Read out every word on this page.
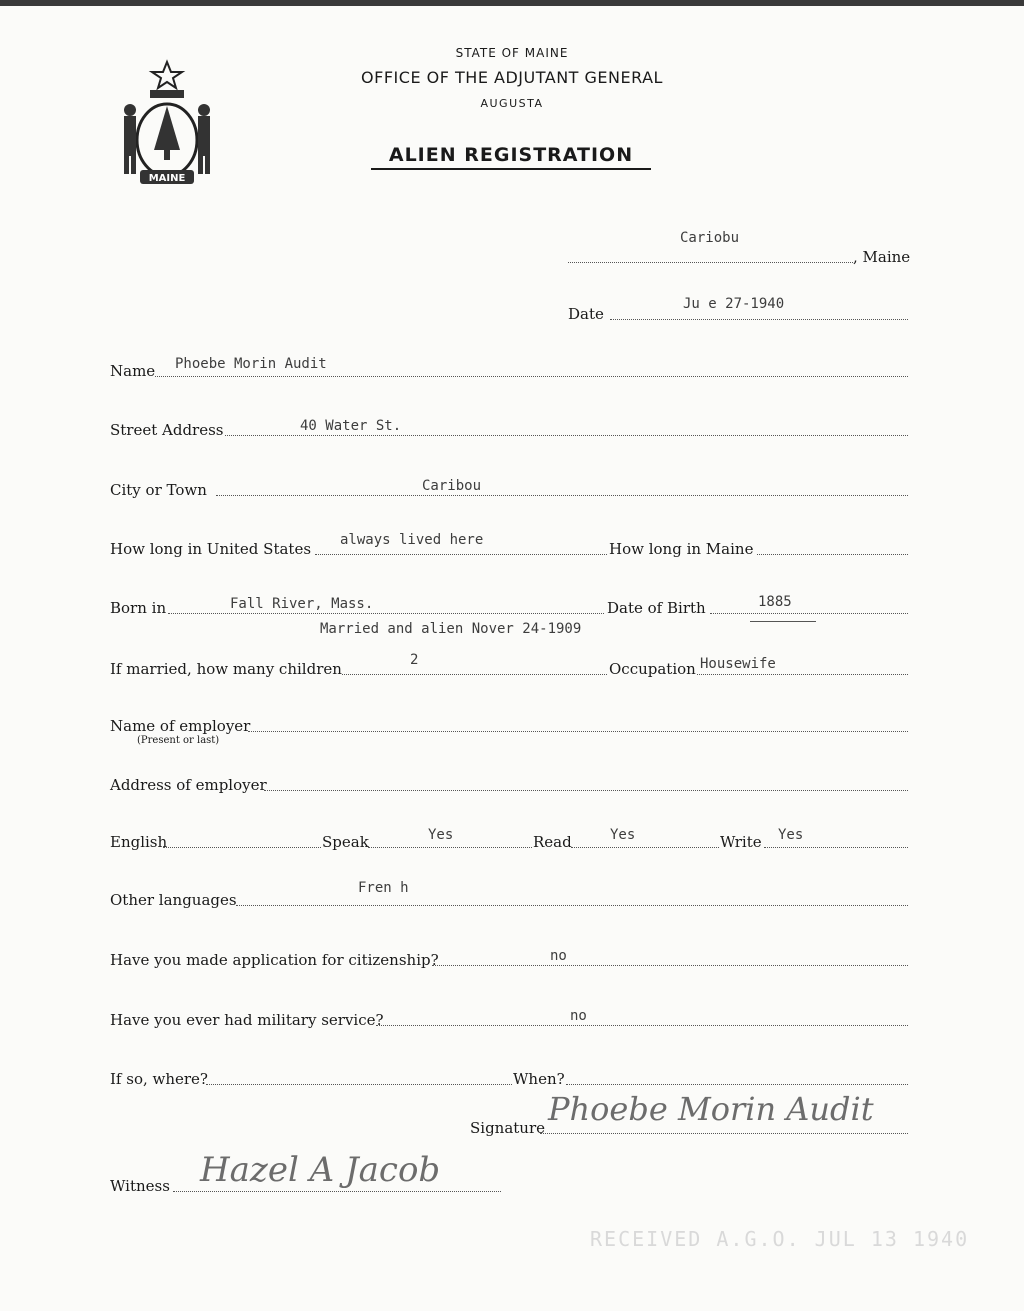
MAINE
STATE OF MAINE
OFFICE OF THE ADJUTANT GENERAL
AUGUSTA
ALIEN REGISTRATION
Cariobu
, Maine
Date
Ju e 27-1940
Name Phoebe Morin Audit
Street Address	40 Water St.
City or Town	Caribou
How long in United States always lived here	How long in Maine
Born in	Fall River, Mass.	Date of Birth	1885
Married and alien Nover 24-1909
If married, how many children	2	Occupation Housewife
Name of employer
(Present or last)
Address of employer
English	Speak	Yes	Read	Yes	Write Yes
Other languages
Fren h
Have you made application for citizenship?	no
Have you ever had military service?	no
If so, where?	When?
Signature Phoebe Morin Audit
Witness Hazel A Jacob
RECEIVED A.G.O. JUL 13 1940
